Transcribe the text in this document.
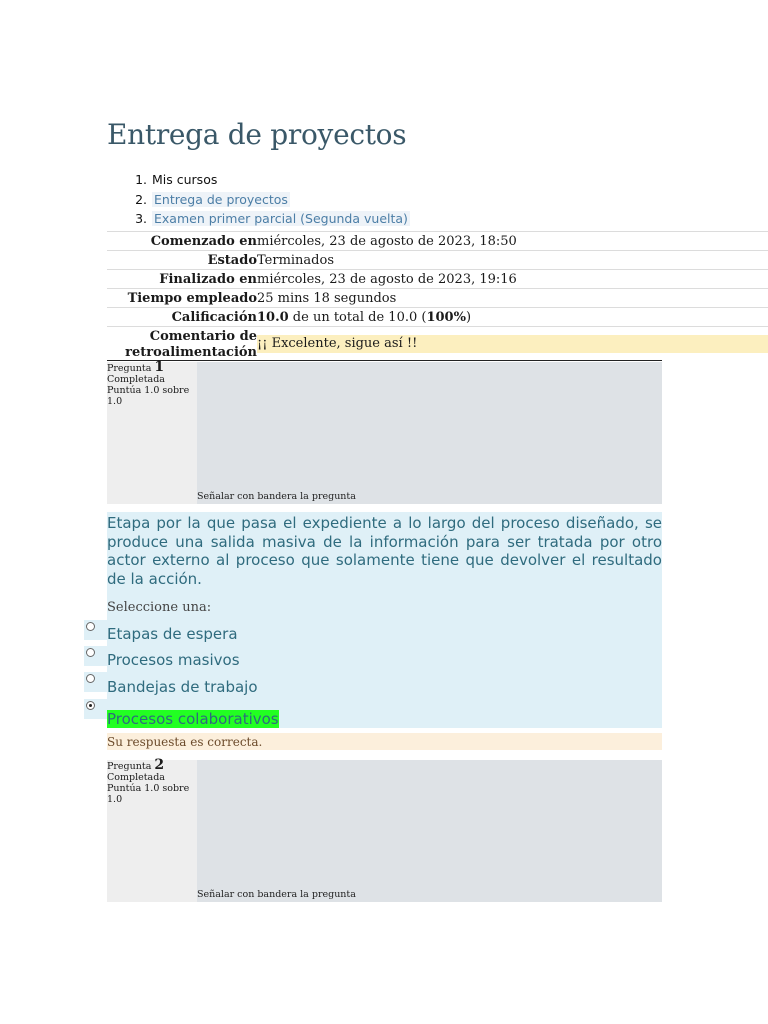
Entrega de proyectos
1. Mis cursos
2. Entrega de proyectos
3. Examen primer parcial (Segunda vuelta)
Comenzado en	miércoles, 23 de agosto de 2023, 18:50
Estado	Terminados
Finalizado en	miércoles, 23 de agosto de 2023, 19:16
Tiempo empleado	25 mins 18 segundos
Calificación	10.0 de un total de 10.0 (100%)
Comentario de
retroalimentación	¡¡ Excelente, sigue así !!
Pregunta 1
Completada
Puntúa 1.0 sobre 1.0
Señalar con bandera la pregunta

Etapa por la que pasa el expediente a lo largo del proceso diseñado, se produce una salida masiva de la información para ser tratada por otro actor externo al proceso que solamente tiene que devolver el resultado de la acción.

Seleccione una:
Etapas de espera
Procesos masivos
Bandejas de trabajo
Procesos colaborativos
Su respuesta es correcta.
Pregunta 2
Completada
Puntúa 1.0 sobre 1.0
Señalar con bandera la pregunta
